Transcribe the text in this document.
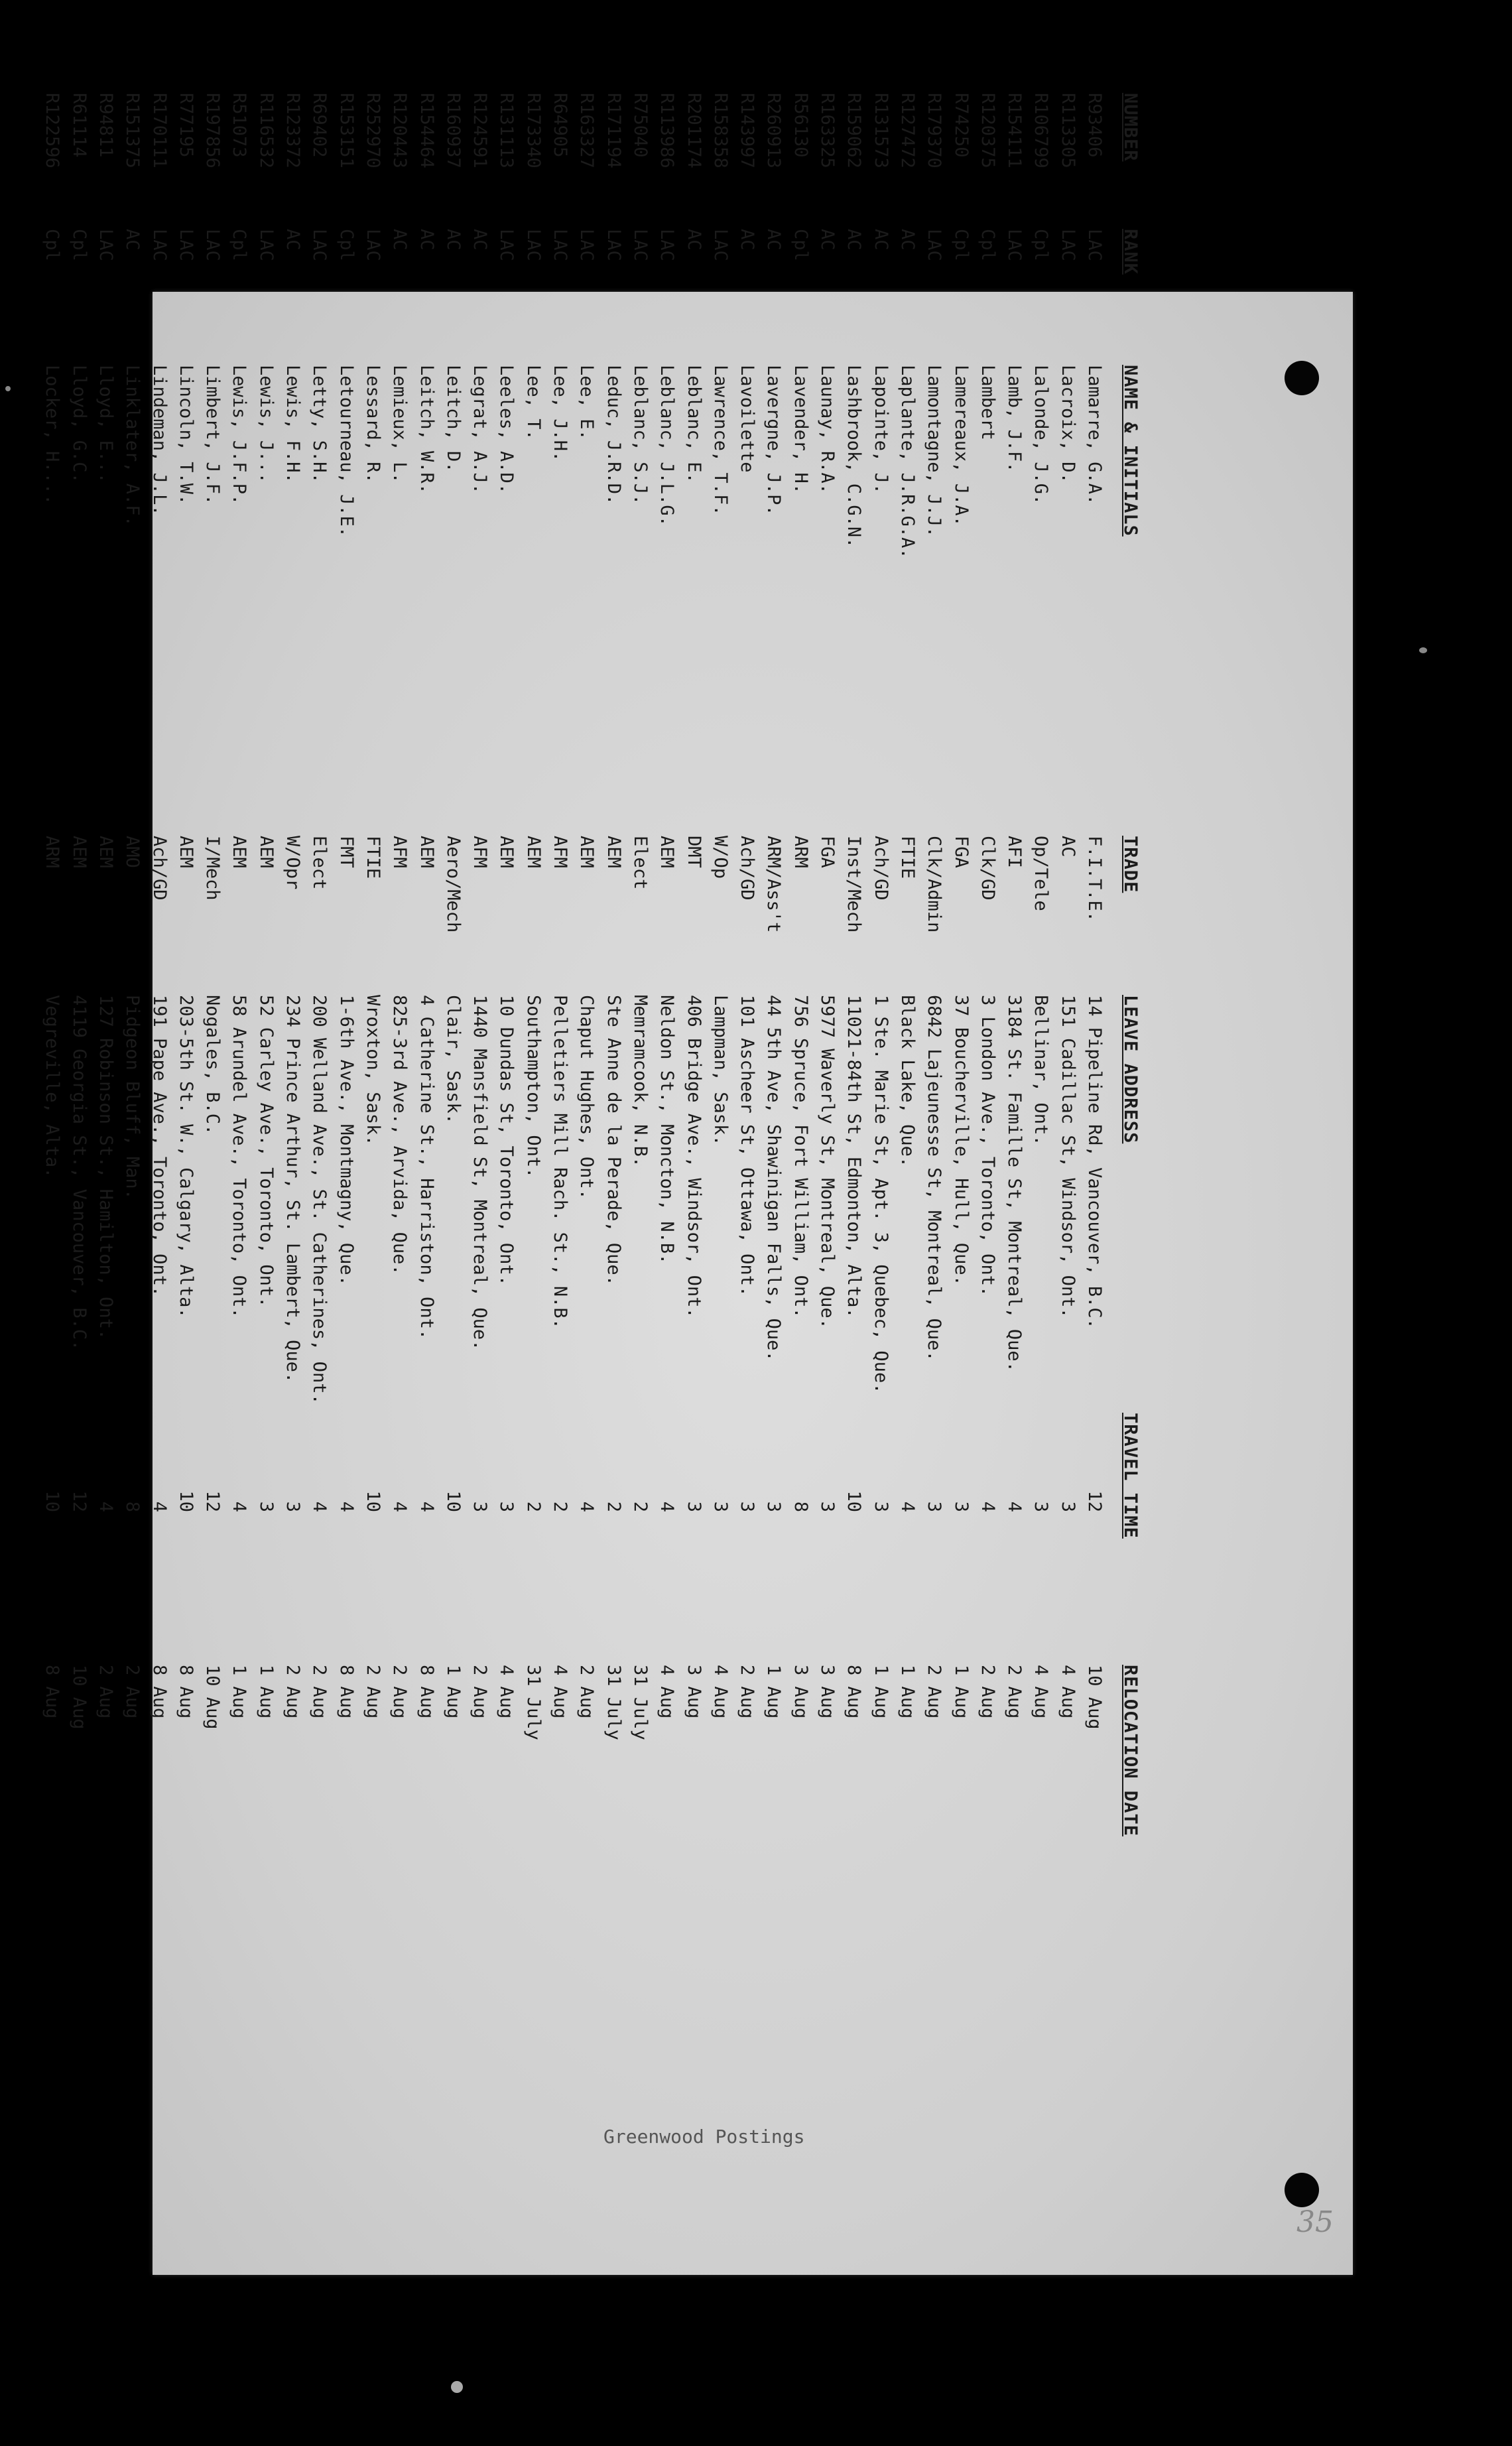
NUMBER
RANK
NAME & INITIALS
TRADE
LEAVE ADDRESS
TRAVEL TIME
RELOCATION DATE
R93406
LAC
Lamarre, G.A.
F.I.T.E.
14 Pipeline Rd, Vancouver, B.C.
12
10 Aug
R113305
LAC
Lacroix, D.
AC
151 Cadillac St, Windsor, Ont.
3
4 Aug
R106799
Cpl
Lalonde, J.G.
Op/Tele
Bellinar, Ont.
3
4 Aug
R154111
LAC
Lamb, J.F.
AFI
3184 St. Famille St, Montreal, Que.
4
2 Aug
R120375
Cpl
Lambert
Clk/GD
3 London Ave., Toronto, Ont.
4
2 Aug
R74250
Cpl
Lamereaux, J.A.
FGA
37 Boucherville, Hull, Que.
3
1 Aug
R179370
LAC
Lamontagne, J.J.
Clk/Admin
6842 Lajeunesse St, Montreal, Que.
3
2 Aug
R127472
AC
Laplante, J.R.G.A.
FTIE
Black Lake, Que.
4
1 Aug
R131573
AC
Lapointe, J.
Ach/GD
1 Ste. Marie St, Apt. 3, Quebec, Que.
3
1 Aug
R159062
AC
Lashbrook, C.G.N.
Inst/Mech
11021-84th St, Edmonton, Alta.
10
8 Aug
R163325
AC
Launay, R.A.
FGA
5977 Waverly St, Montreal, Que.
3
3 Aug
R56130
Cpl
Lavender, H.
ARM
756 Spruce, Fort William, Ont.
8
3 Aug
R260913
AC
Lavergne, J.P.
ARM/Ass't
44 5th Ave, Shawinigan Falls, Que.
3
1 Aug
R143997
AC
Lavoilette
Ach/GD
101 Ascheer St, Ottawa, Ont.
3
2 Aug
R158358
LAC
Lawrence, T.F.
W/Op
Lampman, Sask.
3
4 Aug
R201174
AC
Leblanc, E.
DMT
406 Bridge Ave., Windsor, Ont.
3
3 Aug
R113986
LAC
Leblanc, J.L.G.
AEM
Neldon St., Moncton, N.B.
4
4 Aug
R75040
LAC
Leblanc, S.J.
Elect
Memramcook, N.B.
2
31 July
R171194
LAC
Leduc, J.R.D.
AEM
Ste Anne de la Perade, Que.
2
31 July
R163327
LAC
Lee, E.
AEM
Chaput Hughes, Ont.
4
2 Aug
R64905
LAC
Lee, J.H.
AFM
Pelletiers Mill Rach. St., N.B.
2
4 Aug
R173340
LAC
Lee, T.
AEM
Southampton, Ont.
2
31 July
R131113
LAC
Leeles, A.D.
AEM
10 Dundas St, Toronto, Ont.
3
4 Aug
R124591
AC
Legrat, A.J.
AFM
1440 Mansfield St, Montreal, Que.
3
2 Aug
R160937
AC
Leitch, D.
Aero/Mech
Clair, Sask.
10
1 Aug
R154464
AC
Leitch, W.R.
AEM
4 Catherine St., Harriston, Ont.
4
8 Aug
R120443
AC
Lemieux, L.
AFM
825-3rd Ave., Arvida, Que.
4
2 Aug
R252970
LAC
Lessard, R.
FTIE
Wroxton, Sask.
10
2 Aug
R153151
Cpl
Letourneau, J.E.
FMT
1-6th Ave., Montmagny, Que.
4
8 Aug
R69402
LAC
Letty, S.H.
Elect
200 Welland Ave., St. Catherines, Ont.
4
2 Aug
R123372
AC
Lewis, F.H.
W/Opr
234 Prince Arthur, St. Lambert, Que.
3
2 Aug
R116532
LAC
Lewis, J...
AEM
52 Carley Ave., Toronto, Ont.
3
1 Aug
R51073
Cpl
Lewis, J.F.P.
AEM
58 Arundel Ave., Toronto, Ont.
4
1 Aug
R197856
LAC
Limbert, J.F.
I/Mech
Nogales, B.C.
12
10 Aug
R77195
LAC
Lincoln, T.W.
AEM
203-5th St. W., Calgary, Alta.
10
8 Aug
R170111
LAC
Lindeman, J.L.
Ach/GD
191 Pape Ave., Toronto, Ont.
4
8 Aug
R151375
AC
Linklater, A.F.
AMO
Pidgeon Bluff, Man.
8
2 Aug
R94811
LAC
Lloyd, E...
AEM
127 Robinson St., Hamilton, Ont.
4
2 Aug
R61114
Cpl
Lloyd, G.C.
AEM
4119 Georgia St., Vancouver, B.C.
12
10 Aug
R122596
Cpl
Locker, H....
ARM
Vegreville, Alta.
10
8 Aug
Greenwood Postings
35
